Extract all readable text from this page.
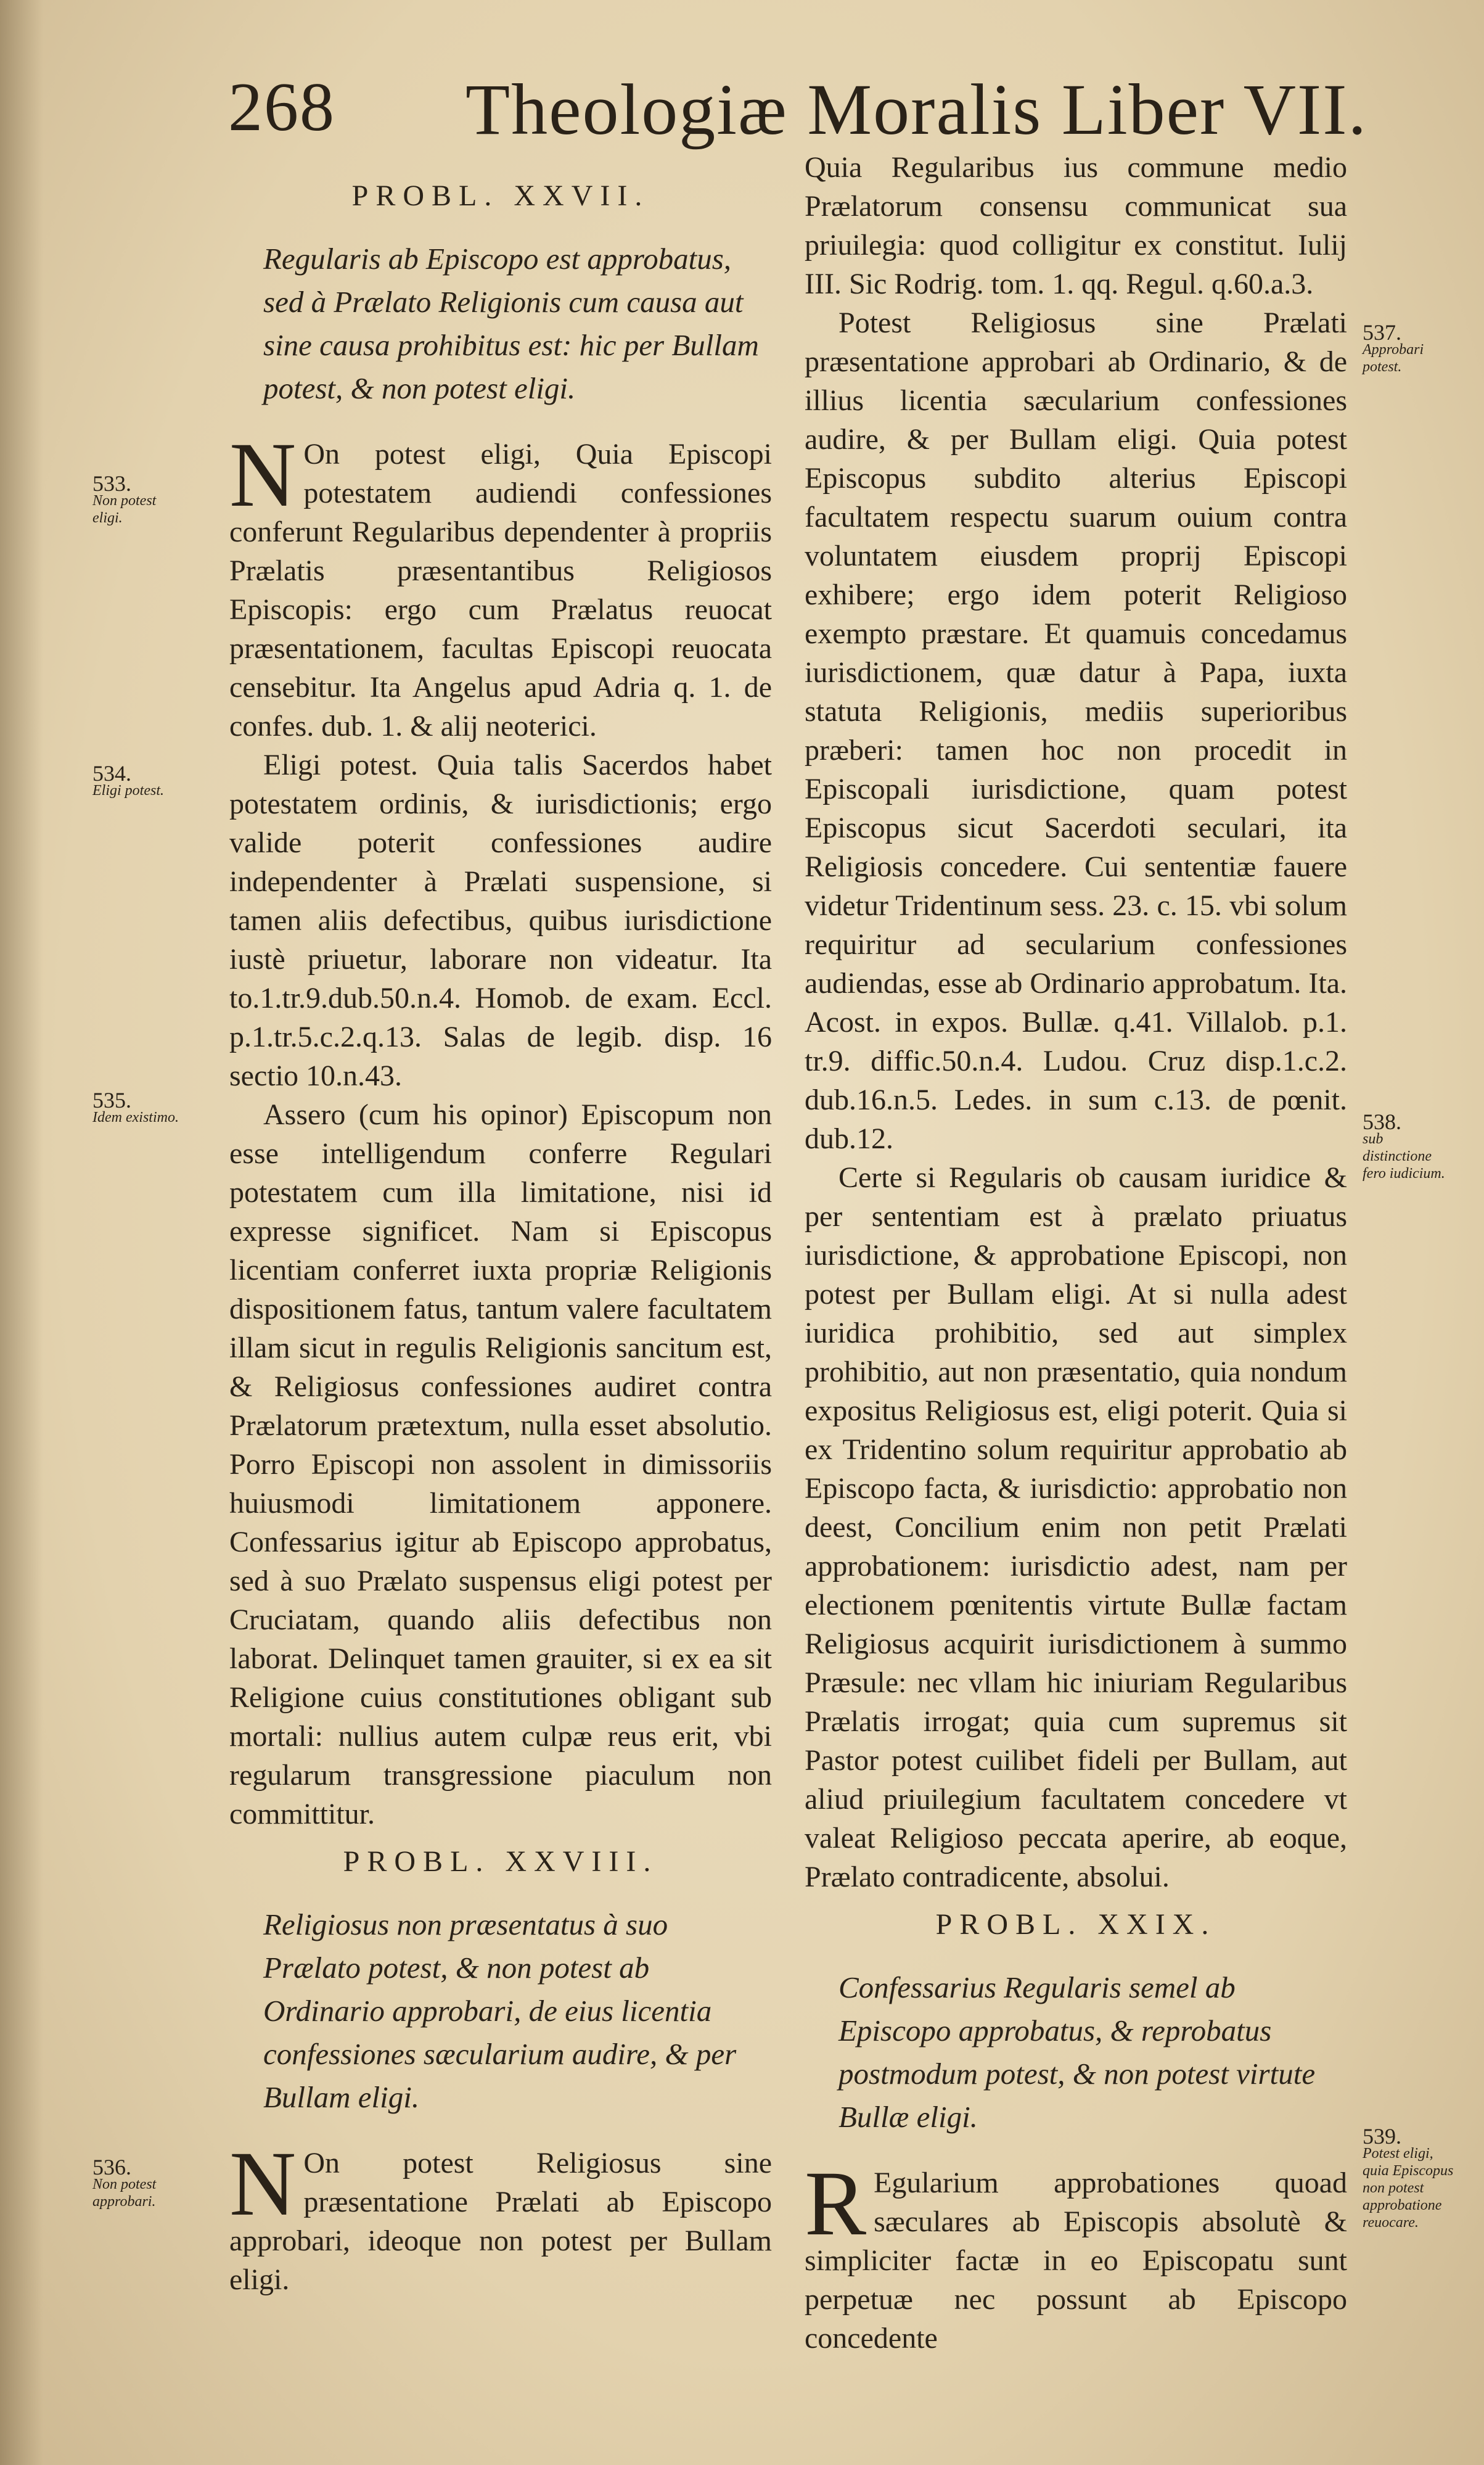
268 Theologiæ Moralis Liber VII.
PROBL. XXVII.
Regularis ab Episcopo est approbatus, sed à Prælato Religionis cum causa aut sine causa prohibitus est: hic per Bullam potest, & non potest eligi.
N On potest eligi, Quia Episcopi potestatem audiendi confessiones conferunt Regularibus dependenter à propriis Prælatis præsentantibus Religiosos Episcopis: ergo cum Prælatus reuocat præsentationem, facultas Episcopi reuocata censebitur. Ita Angelus apud Adria q. 1. de confes. dub. 1. & alij neoterici.
Eligi potest. Quia talis Sacerdos habet potestatem ordinis, & iurisdictionis; ergo valide poterit confessiones audire independenter à Prælati suspensione, si tamen aliis defectibus, quibus iurisdictione iustè priuetur, laborare non videatur. Ita to.1.tr.9.dub.50.n.4. Homob. de exam. Eccl. p.1.tr.5.c.2.q.13. Salas de legib. disp. 16 sectio 10.n.43.
Assero (cum his opinor) Episcopum non esse intelligendum conferre Regulari potestatem cum illa limitatione, nisi id expresse significet. Nam si Episcopus licentiam conferret iuxta propriæ Religionis dispositionem fatus, tantum valere facultatem illam sicut in regulis Religionis sancitum est, & Religiosus confessiones audiret contra Prælatorum prætextum, nulla esset absolutio. Porro Episcopi non assolent in dimissoriis huiusmodi limitationem apponere. Confessarius igitur ab Episcopo approbatus, sed à suo Prælato suspensus eligi potest per Cruciatam, quando aliis defectibus non laborat. Delinquet tamen grauiter, si ex ea sit Religione cuius constitutiones obligant sub mortali: nullius autem culpæ reus erit, vbi regularum transgressione piaculum non committitur.
PROBL. XXVIII.
Religiosus non præsentatus à suo Prælato potest, & non potest ab Ordinario approbari, de eius licentia confessiones sæcularium audire, & per Bullam eligi.
N On potest Religiosus sine præsentatione Prælati ab Episcopo approbari, ideoque non potest per Bullam eligi.
Quia Regularibus ius commune medio Prælatorum consensu communicat sua priuilegia: quod colligitur ex constitut. Iulij III. Sic Rodrig. tom. 1. qq. Regul. q.60.a.3.
Potest Religiosus sine Prælati præsentatione approbari ab Ordinario, & de illius licentia sæcularium confessiones audire, & per Bullam eligi. Quia potest Episcopus subdito alterius Episcopi facultatem respectu suarum ouium contra voluntatem eiusdem proprij Episcopi exhibere; ergo idem poterit Religioso exempto præstare. Et quamuis concedamus iurisdictionem, quæ datur à Papa, iuxta statuta Religionis, mediis superioribus præberi: tamen hoc non procedit in Episcopali iurisdictione, quam potest Episcopus sicut Sacerdoti seculari, ita Religiosis concedere. Cui sententiæ fauere videtur Tridentinum sess. 23. c. 15. vbi solum requiritur ad secularium confessiones audiendas, esse ab Ordinario approbatum. Ita. Acost. in expos. Bullæ. q.41. Villalob. p.1. tr.9. diffic.50.n.4. Ludou. Cruz disp.1.c.2. dub.16.n.5. Ledes. in sum c.13. de pœnit. dub.12.
Certe si Regularis ob causam iuridice & per sententiam est à prælato priuatus iurisdictione, & approbatione Episcopi, non potest per Bullam eligi. At si nulla adest iuridica prohibitio, sed aut simplex prohibitio, aut non præsentatio, quia nondum expositus Religiosus est, eligi poterit. Quia si ex Tridentino solum requiritur approbatio ab Episcopo facta, & iurisdictio: approbatio non deest, Concilium enim non petit Prælati approbationem: iurisdictio adest, nam per electionem pœnitentis virtute Bullæ factam Religiosus acquirit iurisdictionem à summo Præsule: nec vllam hic iniuriam Regularibus Prælatis irrogat; quia cum supremus sit Pastor potest cuilibet fideli per Bullam, aut aliud priuilegium facultatem concedere vt valeat Religioso peccata aperire, ab eoque, Prælato contradicente, absolui.
PROBL. XXIX.
Confessarius Regularis semel ab Episcopo approbatus, & reprobatus postmodum potest, & non potest virtute Bullæ eligi.
R Egularium approbationes quoad sæculares ab Episcopis absolutè & simpliciter factæ in eo Episcopatu sunt perpetuæ nec possunt ab Episcopo concedente
533.
Non potest eligi.
534.
Eligi potest.
535.
Idem existimo.
536.
Non potest approbari.
537.
Approbari potest.
538.
sub distinctione fero iudicium.
539.
Potest eligi, quia Episcopus non potest approbatione reuocare.
